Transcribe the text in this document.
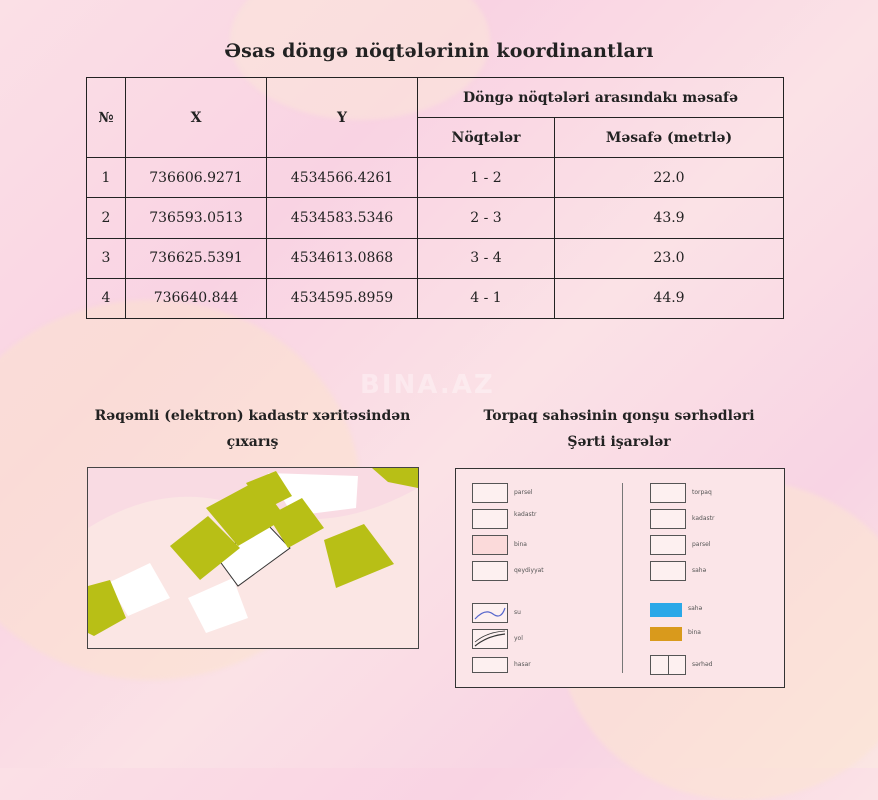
Əsas döngə nöqtələrinin koordinantları
№	X	Y	Döngə nöqtələri arasındakı məsafə	
			Nöqtələr	Məsafə (metrlə)
1	736606.9271	4534566.4261	1 - 2	22.0
2	736593.0513	4534583.5346	2 - 3	43.9
3	736625.5391	4534613.0868	3 - 4	23.0
4	736640.844	4534595.8959	4 - 1	44.9
BINA.AZ
Rəqəmli (elektron) kadastr xəritəsindən
çıxarış
Torpaq sahəsinin qonşu sərhədləri
Şərti işarələr
parsel
kadastr
bina
qeydiyyat
su
yol
hasar
torpaq
kadastr
parsel
sahə
sahə
bina
sərhəd
